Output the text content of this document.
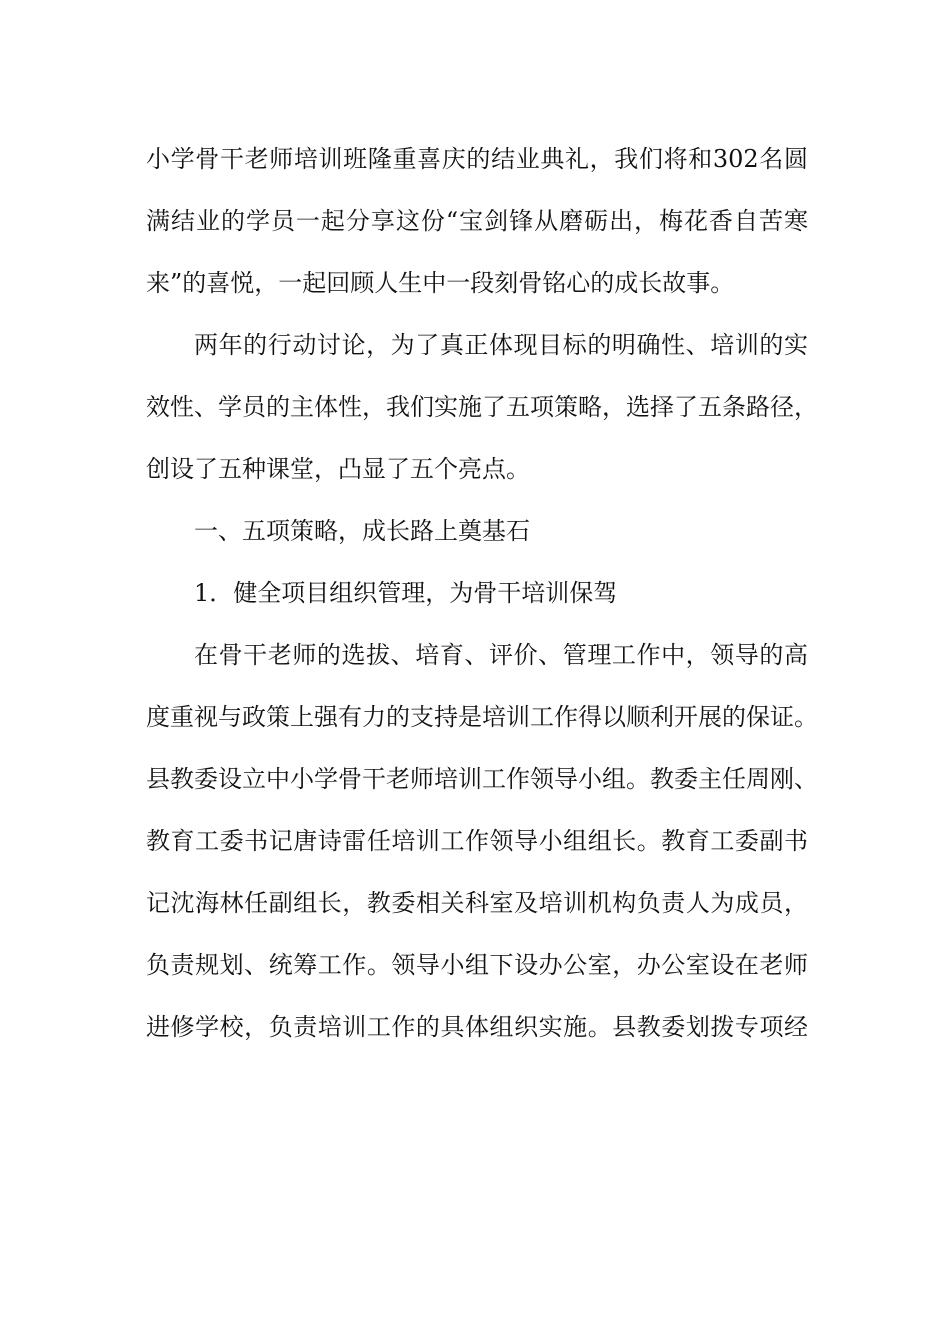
小学骨干老师培训班隆重喜庆的结业典礼，我们将和302名圆
满结业的学员一起分享这份“宝剑锋从磨砺出，梅花香自苦寒
来”的喜悦，一起回顾人生中一段刻骨铭心的成长故事。
两年的行动讨论，为了真正体现目标的明确性、培训的实
效性、学员的主体性，我们实施了五项策略，选择了五条路径，
创设了五种课堂，凸显了五个亮点。
一、五项策略，成长路上奠基石
1．健全项目组织管理，为骨干培训保驾
在骨干老师的选拔、培育、评价、管理工作中，领导的高
度重视与政策上强有力的支持是培训工作得以顺利开展的保证。
县教委设立中小学骨干老师培训工作领导小组。教委主任周刚、
教育工委书记唐诗雷任培训工作领导小组组长。教育工委副书
记沈海林任副组长，教委相关科室及培训机构负责人为成员，
负责规划、统筹工作。领导小组下设办公室，办公室设在老师
进修学校，负责培训工作的具体组织实施。县教委划拨专项经
